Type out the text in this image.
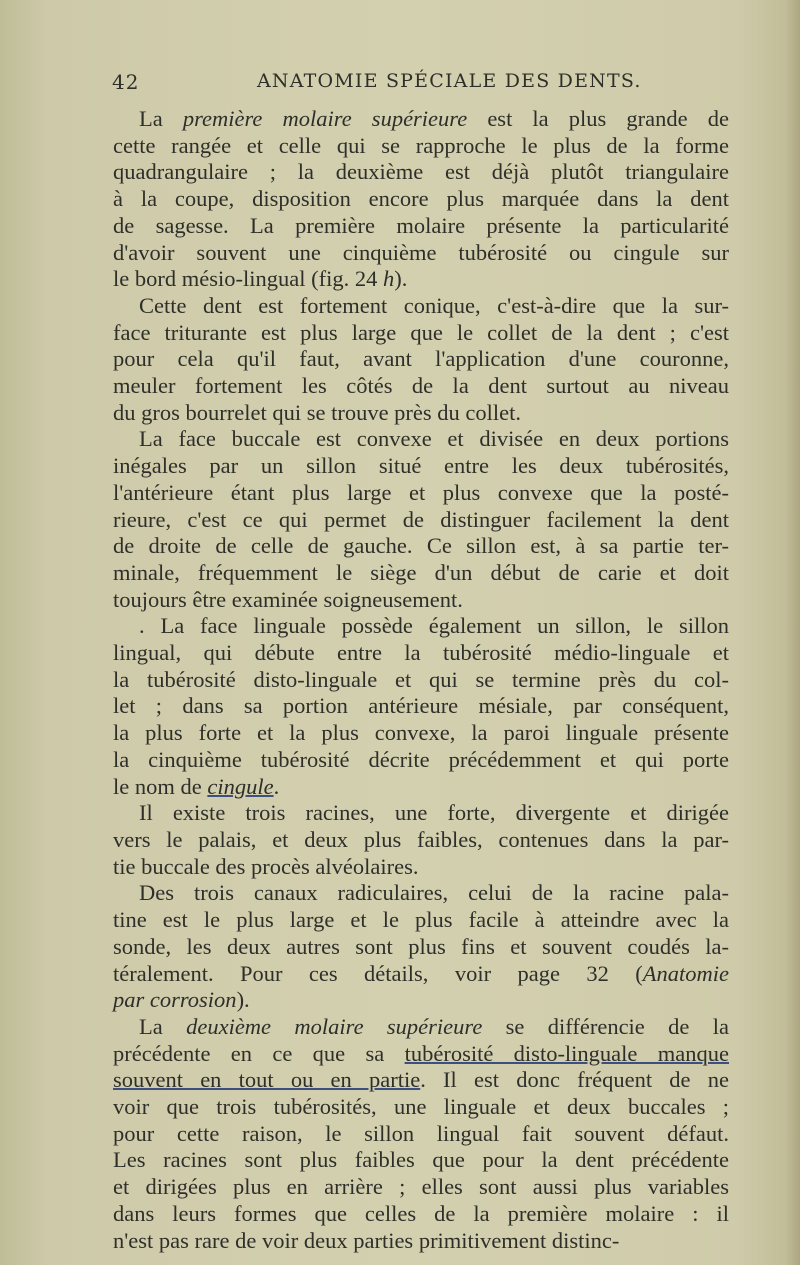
42	ANATOMIE SPÉCIALE DES DENTS.
La première molaire supérieure est la plus grande de
cette rangée et celle qui se rapproche le plus de la forme
quadrangulaire ; la deuxième est déjà plutôt triangulaire
à la coupe, disposition encore plus marquée dans la dent
de sagesse. La première molaire présente la particularité
d'avoir souvent une cinquième tubérosité ou cingule sur
le bord mésio-lingual (fig. 24 h).
Cette dent est fortement conique, c'est-à-dire que la sur-
face triturante est plus large que le collet de la dent ; c'est
pour cela qu'il faut, avant l'application d'une couronne,
meuler fortement les côtés de la dent surtout au niveau
du gros bourrelet qui se trouve près du collet.
La face buccale est convexe et divisée en deux portions
inégales par un sillon situé entre les deux tubérosités,
l'antérieure étant plus large et plus convexe que la posté-
rieure, c'est ce qui permet de distinguer facilement la dent
de droite de celle de gauche. Ce sillon est, à sa partie ter-
minale, fréquemment le siège d'un début de carie et doit
toujours être examinée soigneusement.
. La face linguale possède également un sillon, le sillon
lingual, qui débute entre la tubérosité médio-linguale et
la tubérosité disto-linguale et qui se termine près du col-
let ; dans sa portion antérieure mésiale, par conséquent,
la plus forte et la plus convexe, la paroi linguale présente
la cinquième tubérosité décrite précédemment et qui porte
le nom de cingule.
Il existe trois racines, une forte, divergente et dirigée
vers le palais, et deux plus faibles, contenues dans la par-
tie buccale des procès alvéolaires.
Des trois canaux radiculaires, celui de la racine pala-
tine est le plus large et le plus facile à atteindre avec la
sonde, les deux autres sont plus fins et souvent coudés la-
téralement. Pour ces détails, voir page 32 (Anatomie
par corrosion).
La deuxième molaire supérieure se différencie de la
précédente en ce que sa tubérosité disto-linguale manque
souvent en tout ou en partie. Il est donc fréquent de ne
voir que trois tubérosités, une linguale et deux buccales ;
pour cette raison, le sillon lingual fait souvent défaut.
Les racines sont plus faibles que pour la dent précédente
et dirigées plus en arrière ; elles sont aussi plus variables
dans leurs formes que celles de la première molaire : il
n'est pas rare de voir deux parties primitivement distinc-
